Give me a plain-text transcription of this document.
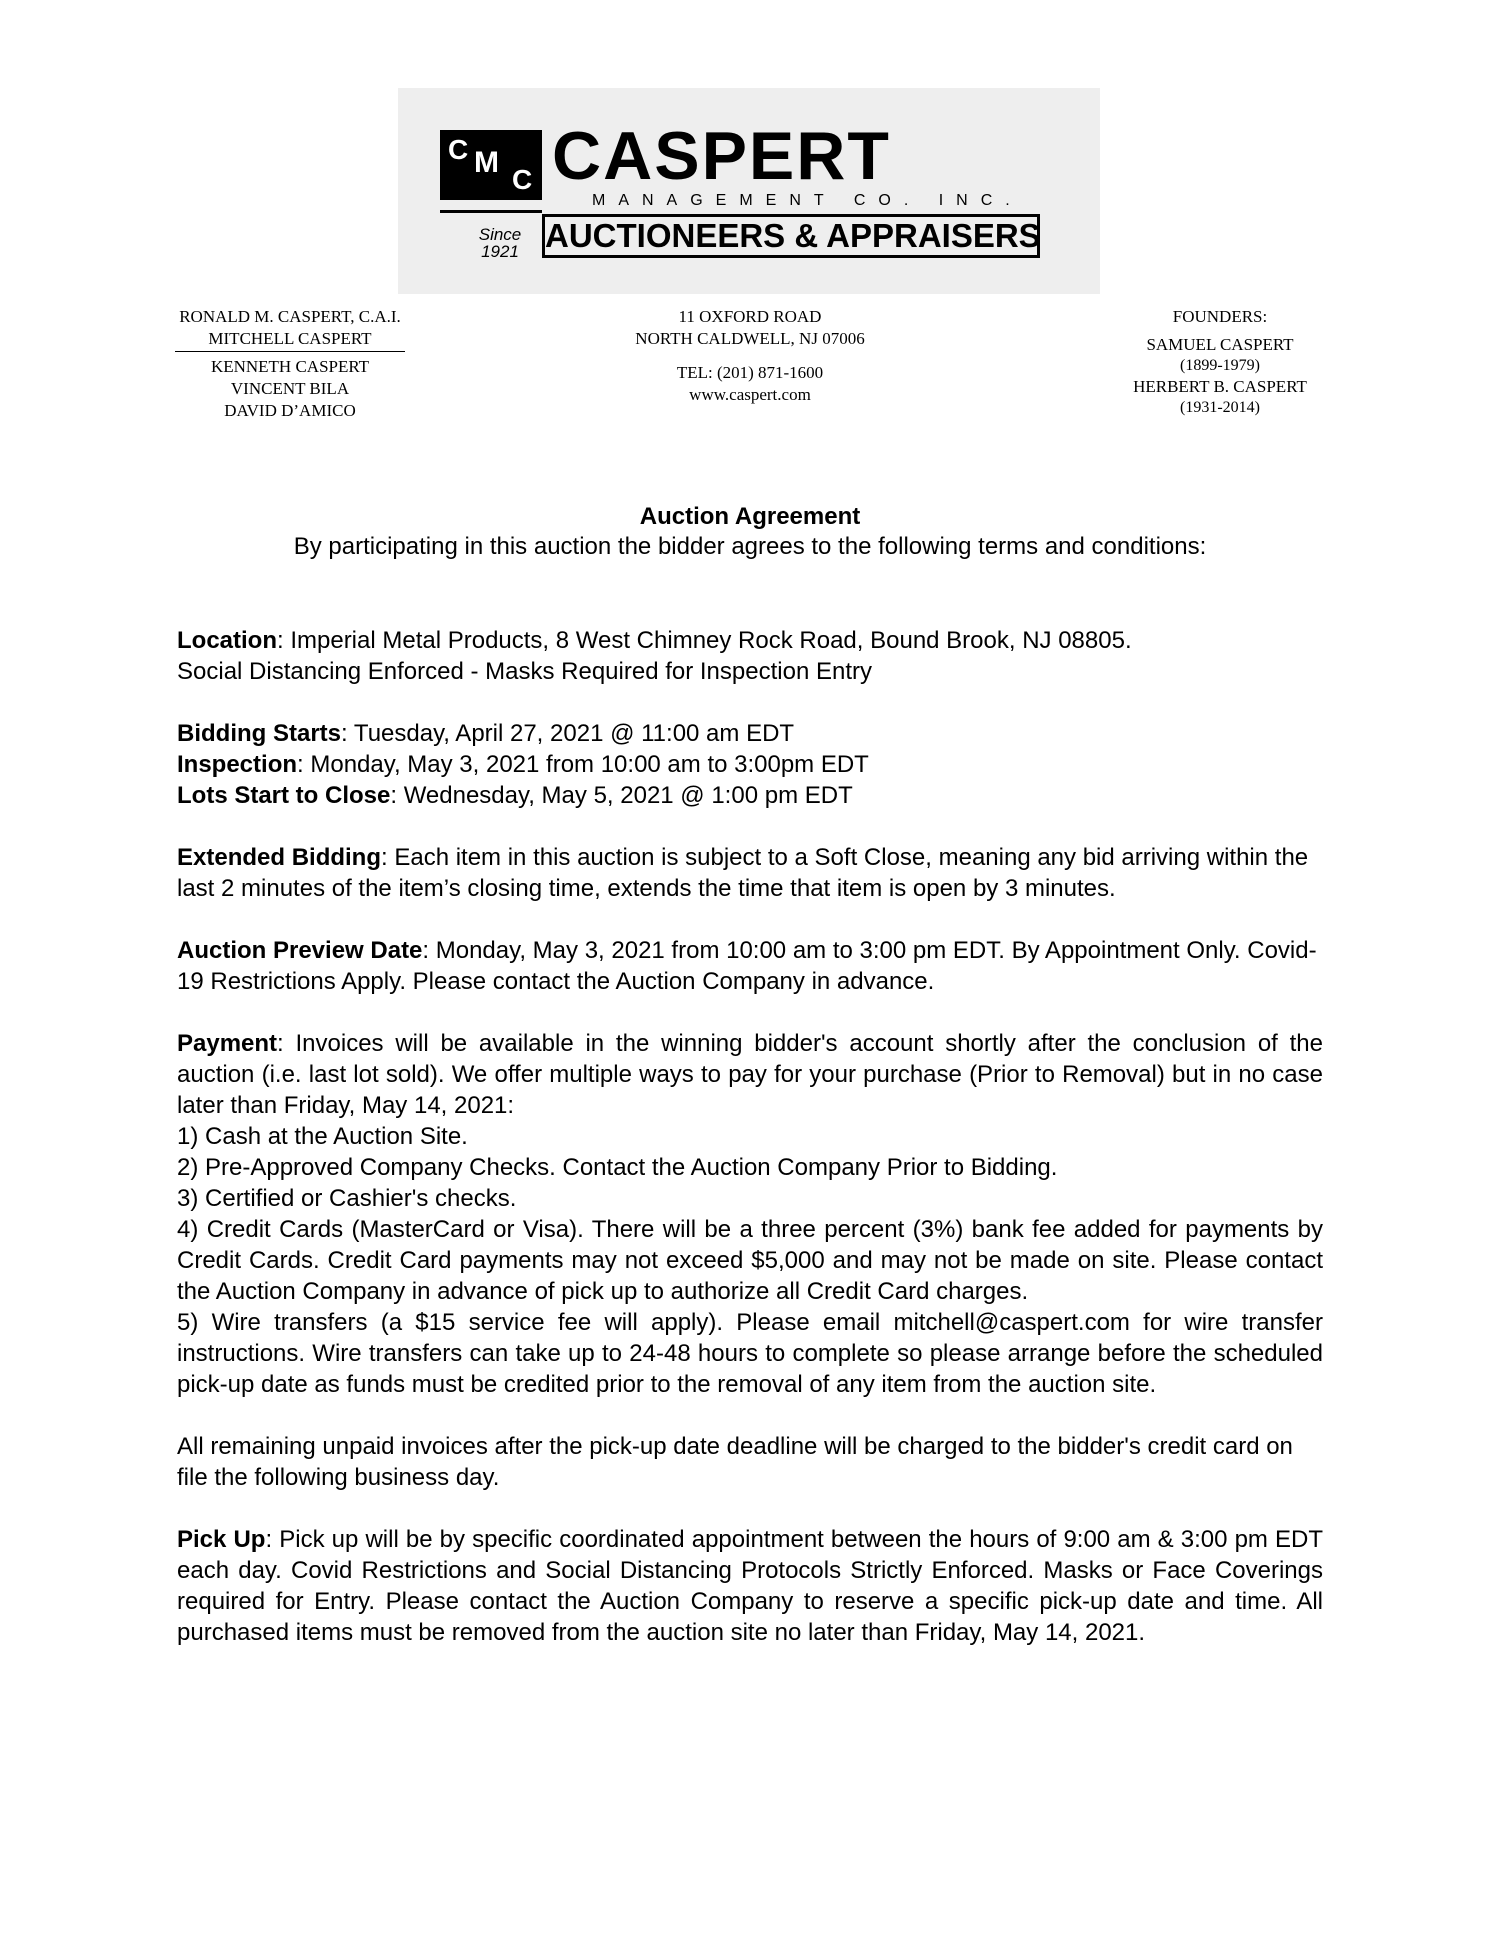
C M
C CASPERT
MANAGEMENT CO. INC.
Since
1921 AUCTIONEERS & APPRAISERS
RONALD M. CASPERT, C.A.I.
MITCHELL CASPERT
KENNETH CASPERT
VINCENT BILA
DAVID D’AMICO
11 OXFORD ROAD
NORTH CALDWELL, NJ 07006
TEL: (201) 871-1600
www.caspert.com
FOUNDERS:
SAMUEL CASPERT
(1899-1979)
HERBERT B. CASPERT
(1931-2014)
Auction Agreement
By participating in this auction the bidder agrees to the following terms and conditions:

Location: Imperial Metal Products, 8 West Chimney Rock Road, Bound Brook, NJ 08805.
Social Distancing Enforced - Masks Required for Inspection Entry

Bidding Starts: Tuesday, April 27, 2021 @ 11:00 am EDT
Inspection: Monday, May 3, 2021 from 10:00 am to 3:00pm EDT
Lots Start to Close: Wednesday, May 5, 2021 @ 1:00 pm EDT

Extended Bidding: Each item in this auction is subject to a Soft Close, meaning any bid arriving within the last 2 minutes of the item’s closing time, extends the time that item is open by 3 minutes.

Auction Preview Date: Monday, May 3, 2021 from 10:00 am to 3:00 pm EDT. By Appointment Only. Covid-19 Restrictions Apply. Please contact the Auction Company in advance.

Payment: Invoices will be available in the winning bidder's account shortly after the conclusion of the auction (i.e. last lot sold). We offer multiple ways to pay for your purchase (Prior to Removal) but in no case later than Friday, May 14, 2021:
1) Cash at the Auction Site.
2) Pre-Approved Company Checks. Contact the Auction Company Prior to Bidding.
3) Certified or Cashier's checks.
4) Credit Cards (MasterCard or Visa). There will be a three percent (3%) bank fee added for payments by Credit Cards. Credit Card payments may not exceed $5,000 and may not be made on site. Please contact the Auction Company in advance of pick up to authorize all Credit Card charges.
5) Wire transfers (a $15 service fee will apply). Please email mitchell@caspert.com for wire transfer instructions. Wire transfers can take up to 24-48 hours to complete so please arrange before the scheduled pick-up date as funds must be credited prior to the removal of any item from the auction site.

All remaining unpaid invoices after the pick-up date deadline will be charged to the bidder's credit card on file the following business day.

Pick Up: Pick up will be by specific coordinated appointment between the hours of 9:00 am & 3:00 pm EDT each day. Covid Restrictions and Social Distancing Protocols Strictly Enforced. Masks or Face Coverings required for Entry. Please contact the Auction Company to reserve a specific pick-up date and time. All purchased items must be removed from the auction site no later than Friday, May 14, 2021.
